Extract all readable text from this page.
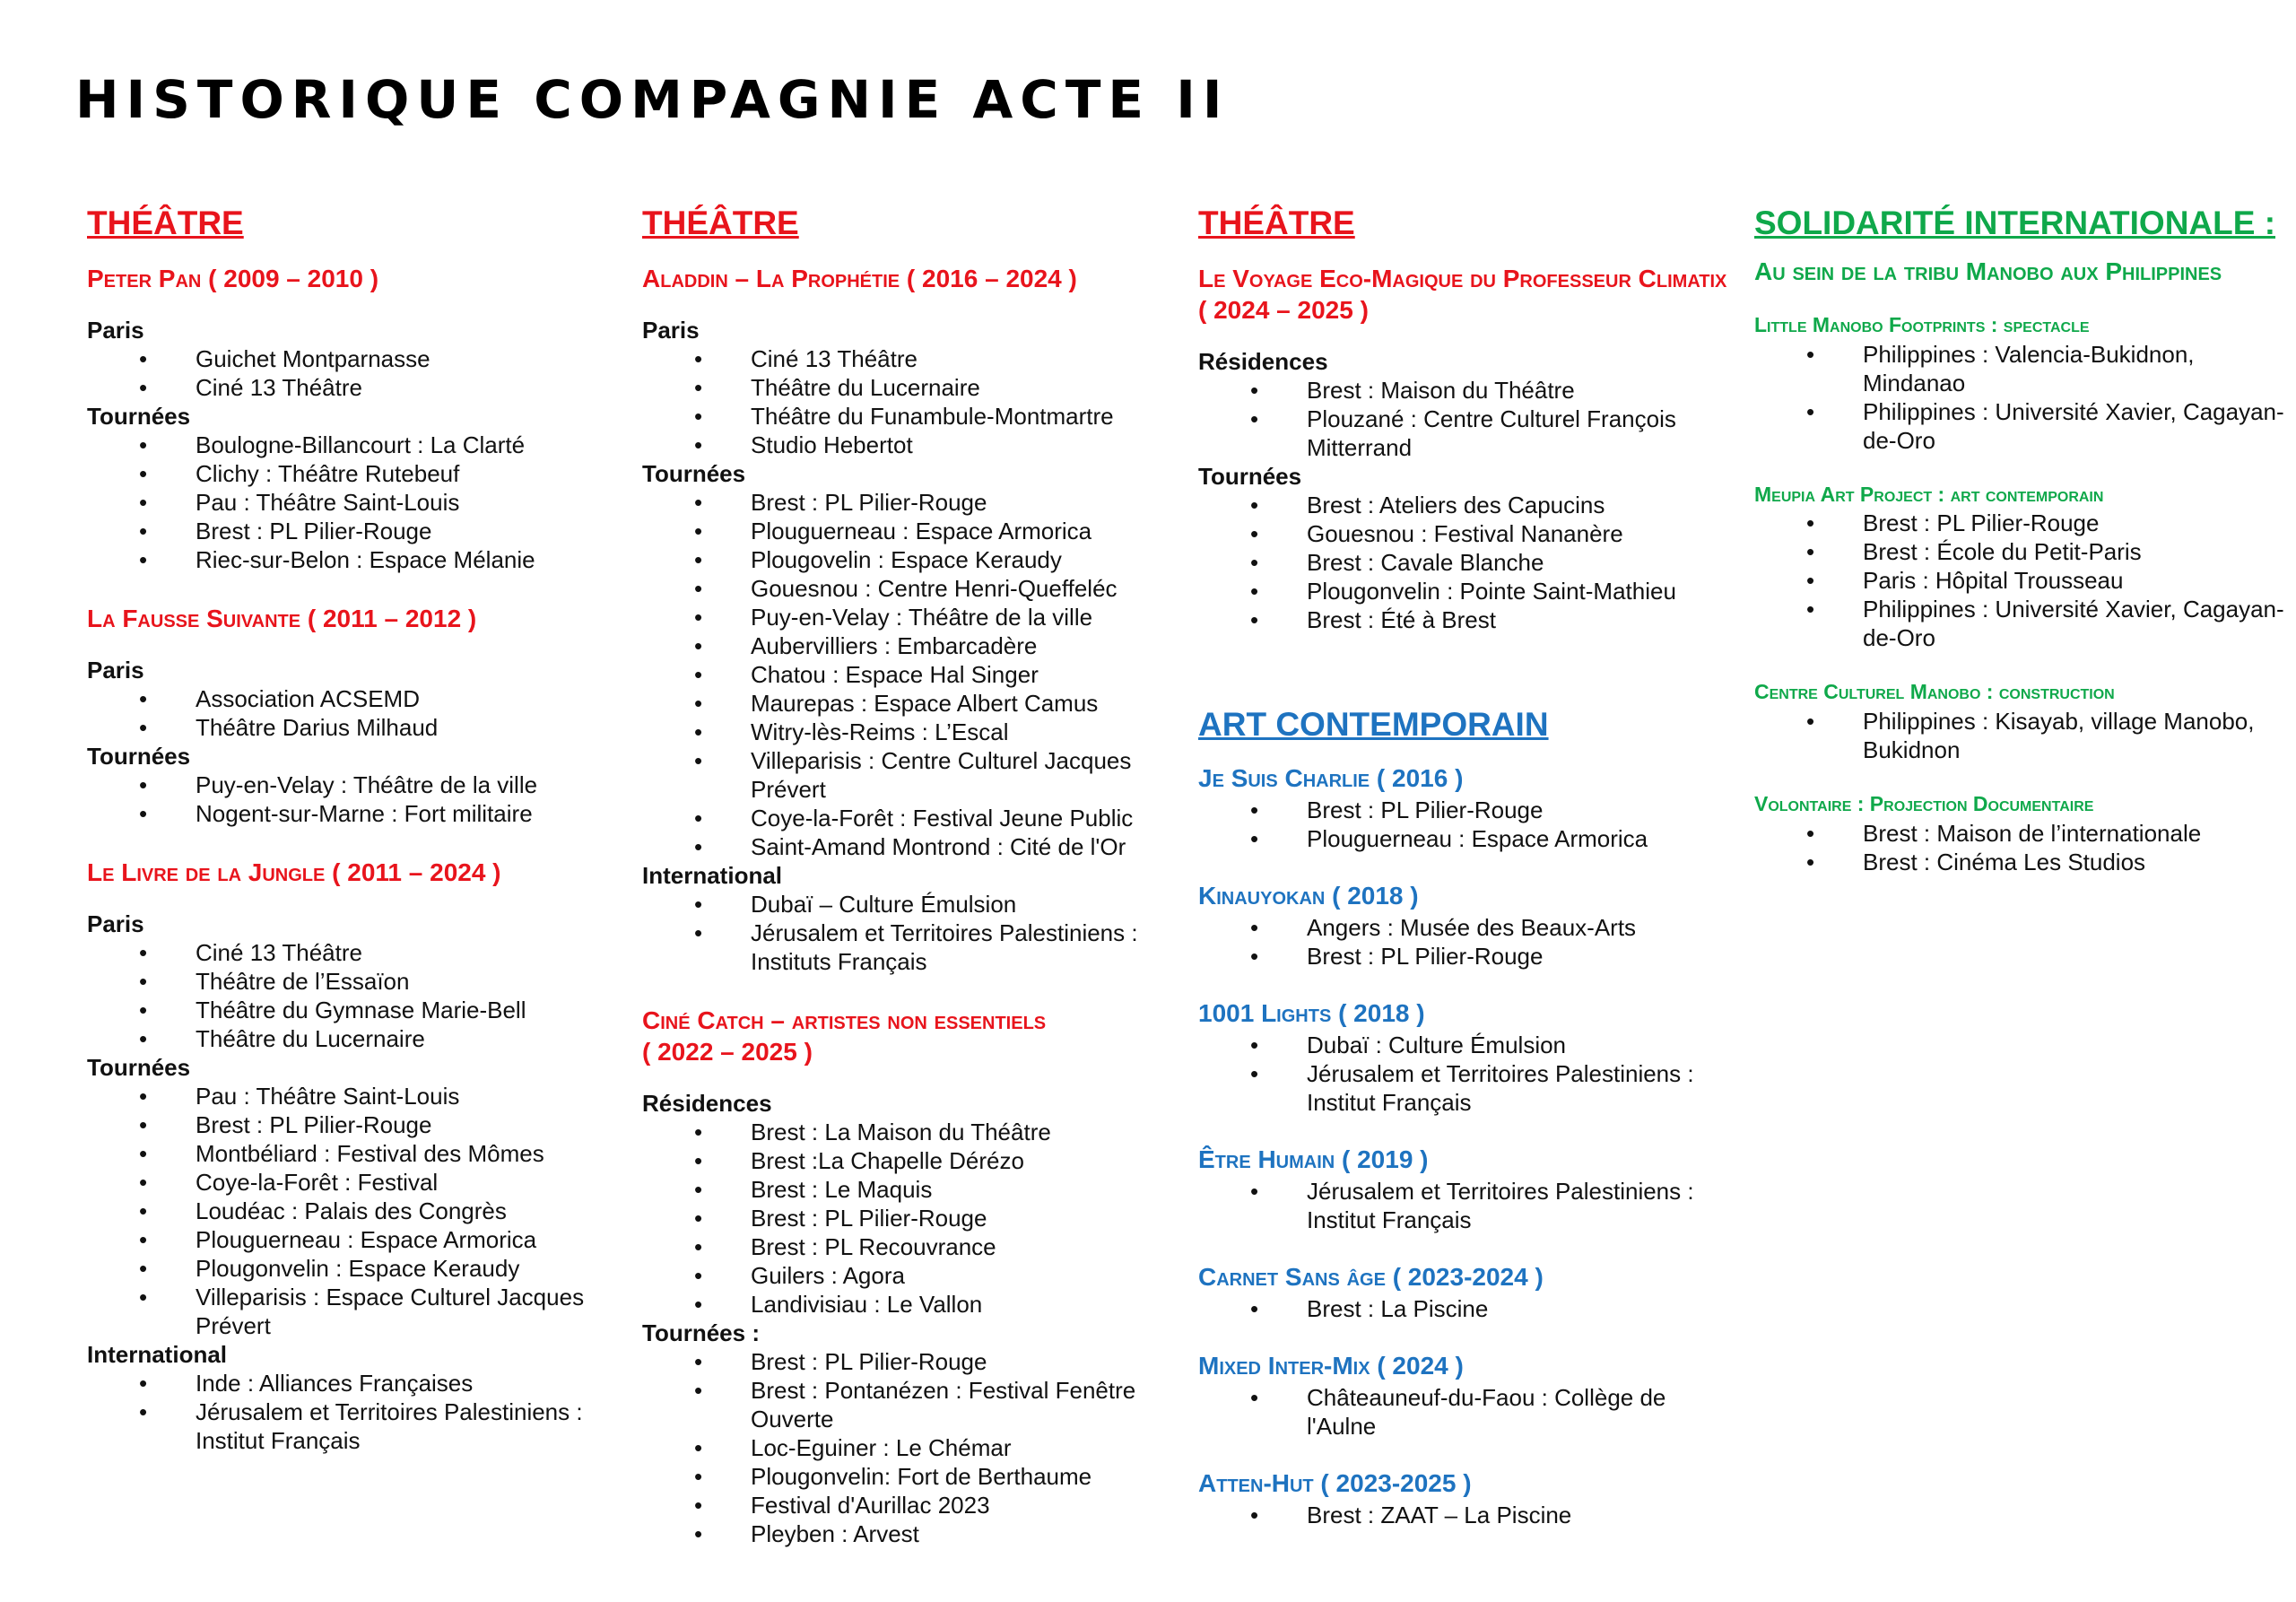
HISTORIQUE COMPAGNIE ACTE II
THÉÂTRE
Peter Pan ( 2009 – 2010 )
Paris
• Guichet Montparnasse
• Ciné 13 Théâtre
Tournées
• Boulogne-Billancourt : La Clarté
• Clichy : Théâtre Rutebeuf
• Pau : Théâtre Saint-Louis
• Brest : PL Pilier-Rouge
• Riec-sur-Belon : Espace Mélanie
La Fausse Suivante ( 2011 – 2012 )
Paris
• Association ACSEMD
• Théâtre Darius Milhaud
Tournées
• Puy-en-Velay : Théâtre de la ville
• Nogent-sur-Marne : Fort militaire
Le Livre de la Jungle ( 2011 – 2024 )
Paris
• Ciné 13 Théâtre
• Théâtre de l’Essaïon
• Théâtre du Gymnase Marie-Bell
• Théâtre du Lucernaire
Tournées
• Pau : Théâtre Saint-Louis
• Brest : PL Pilier-Rouge
• Montbéliard : Festival des Mômes
• Coye-la-Forêt : Festival
• Loudéac : Palais des Congrès
• Plouguerneau : Espace Armorica
• Plougonvelin : Espace Keraudy
• Villeparisis : Espace Culturel Jacques Prévert
International
• Inde : Alliances Françaises
• Jérusalem et Territoires Palestiniens : Institut Français
THÉÂTRE
Aladdin – La Prophétie ( 2016 – 2024 )
Paris
• Ciné 13 Théâtre
• Théâtre du Lucernaire
• Théâtre du Funambule-Montmartre
• Studio Hebertot
Tournées
• Brest : PL Pilier-Rouge
• Plouguerneau : Espace Armorica
• Plougovelin : Espace Keraudy
• Gouesnou : Centre Henri-Queffeléc
• Puy-en-Velay : Théâtre de la ville
• Aubervilliers : Embarcadère
• Chatou : Espace Hal Singer
• Maurepas : Espace Albert Camus
• Witry-lès-Reims : L’Escal
• Villeparisis : Centre Culturel Jacques Prévert
• Coye-la-Forêt : Festival Jeune Public
• Saint-Amand Montrond : Cité de l'Or
International
• Dubaï – Culture Émulsion
• Jérusalem et Territoires Palestiniens : Instituts Français
Ciné Catch – artistes non essentiels
( 2022 – 2025 )
Résidences
• Brest : La Maison du Théâtre
• Brest :La Chapelle Dérézo
• Brest : Le Maquis
• Brest : PL Pilier-Rouge
• Brest : PL Recouvrance
• Guilers : Agora
• Landivisiau : Le Vallon
Tournées :
• Brest : PL Pilier-Rouge
• Brest : Pontanézen : Festival Fenêtre Ouverte
• Loc-Eguiner : Le Chémar
• Plougonvelin: Fort de Berthaume
• Festival d'Aurillac 2023
• Pleyben : Arvest
THÉÂTRE
Le Voyage Eco-Magique du Professeur Climatix ( 2024 – 2025 )
Résidences
• Brest : Maison du Théâtre
• Plouzané : Centre Culturel François Mitterrand
Tournées
• Brest : Ateliers des Capucins
• Gouesnou : Festival Nananère
• Brest : Cavale Blanche
• Plougonvelin : Pointe Saint-Mathieu
• Brest : Été à Brest
ART CONTEMPORAIN
Je Suis Charlie ( 2016 )
• Brest : PL Pilier-Rouge
• Plouguerneau : Espace Armorica
Kinauyokan ( 2018 )
• Angers : Musée des Beaux-Arts
• Brest : PL Pilier-Rouge
1001 Lights ( 2018 )
• Dubaï : Culture Émulsion
• Jérusalem et Territoires Palestiniens : Institut Français
Être Humain ( 2019 )
• Jérusalem et Territoires Palestiniens : Institut Français
Carnet Sans âge ( 2023-2024 )
• Brest : La Piscine
Mixed Inter-Mix ( 2024 )
• Châteauneuf-du-Faou : Collège de l'Aulne
Atten-Hut ( 2023-2025 )
• Brest : ZAAT – La Piscine
SOLIDARITÉ INTERNATIONALE :
Au sein de la tribu Manobo aux Philippines
Little Manobo Footprints : spectacle
• Philippines : Valencia-Bukidnon, Mindanao
• Philippines : Université Xavier, Cagayan-de-Oro
Meupia Art Project : art contemporain
• Brest : PL Pilier-Rouge
• Brest : École du Petit-Paris
• Paris : Hôpital Trousseau
• Philippines : Université Xavier, Cagayan-de-Oro
Centre Culturel Manobo : construction
• Philippines : Kisayab, village Manobo, Bukidnon
Volontaire : Projection Documentaire
• Brest : Maison de l’internationale
• Brest : Cinéma Les Studios
